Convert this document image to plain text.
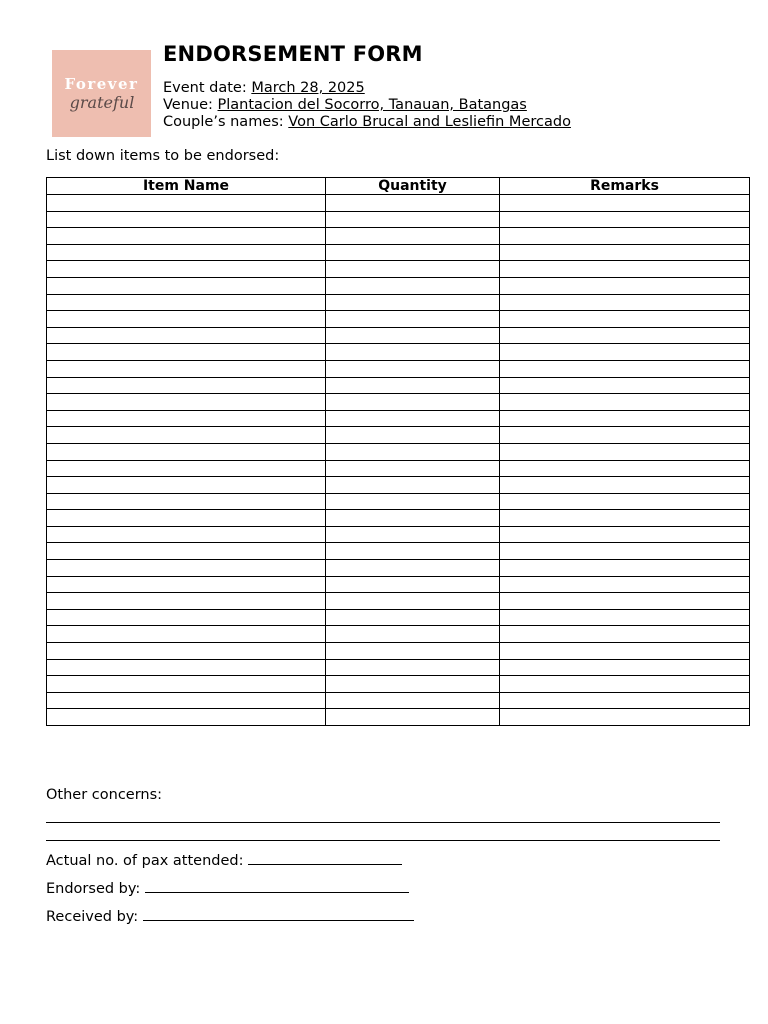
Forever
grateful
ENDORSEMENT FORM
Event date: March 28, 2025
Venue: Plantacion del Socorro, Tanauan, Batangas
Couple’s names: Von Carlo Brucal and Lesliefin Mercado
List down items to be endorsed:
Item Name	Quantity	Remarks

Other concerns:
Actual no. of pax attended:
Endorsed by:
Received by:
